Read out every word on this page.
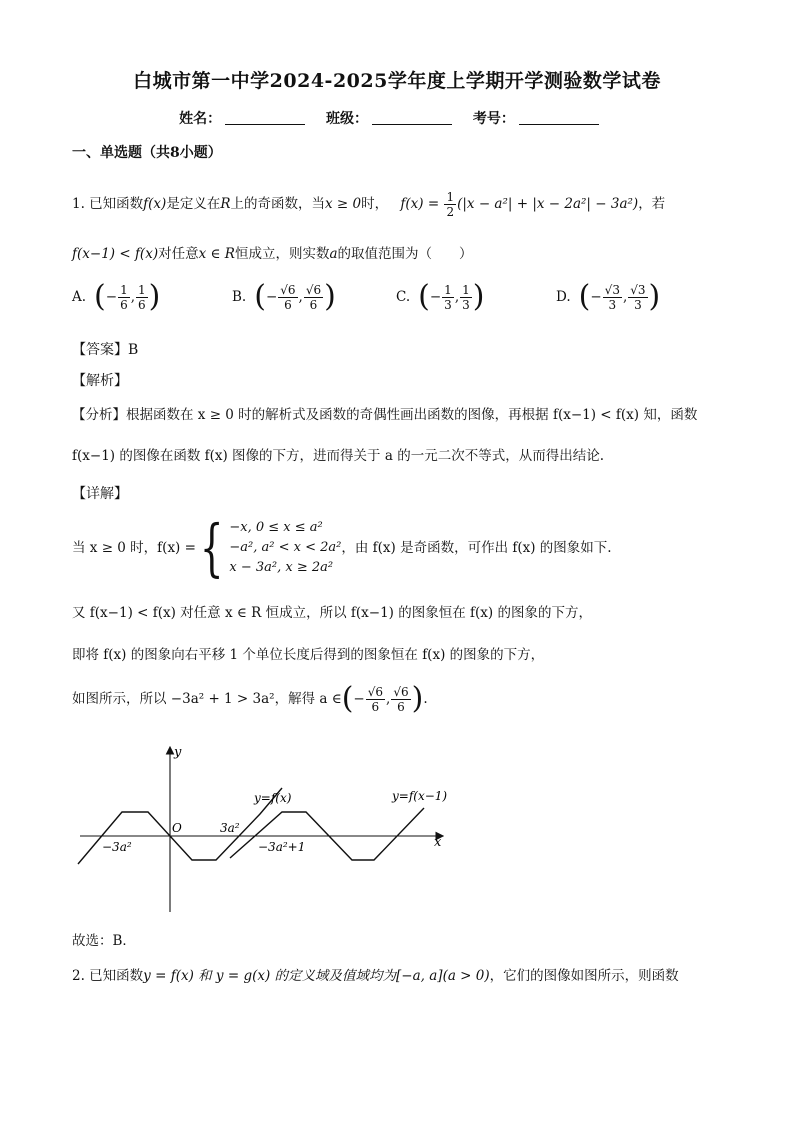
白城市第一中学2024-2025学年度上学期开学测验数学试卷
姓名：	班级：	考号：
一、单选题（共8小题）
1. 已知函数f(x)是定义在R上的奇函数，当x ≥ 0时， $f(x) = \frac{1}{2} (|x - a^2| + |x - 2a^2| - 3a^2)$，若
f(x−1) < f(x)对任意x ∈ R恒成立，则实数a的取值范围为（　　）
A. ( − $\frac{1}{6}$ , $\frac{1}{6}$ )	B. ( − $\frac{√6}{6}$ , $\frac{√6}{6}$ )	C. ( − $\frac{1}{3}$ , $\frac{1}{3}$ )	D. ( − $\frac{√3}{3}$ , $\frac{√3}{3}$ )
【答案】B
【解析】
【分析】根据函数在 x ≥ 0 时的解析式及函数的奇偶性画出函数的图像，再根据 f(x−1) < f(x) 知，函数
f(x−1) 的图像在函数 f(x) 图像的下方，进而得关于 a 的一元二次不等式，从而得出结论.
【详解】
当 x ≥ 0 时，f(x) = { −x, 0 ≤ x ≤ a²
−a², a² < x < 2a²
x − 3a², x ≥ 2a²
，由 f(x) 是奇函数，可作出 f(x) 的图象如下.
又 f(x−1) < f(x) 对任意 x ∈ R 恒成立，所以 f(x−1) 的图象恒在 f(x) 的图象的下方，
即将 f(x) 的图象向右平移 1 个单位长度后得到的图象恒在 f(x) 的图象的下方，
如图所示，所以 −3a² + 1 > 3a²，解得 a ∈ ( − $\frac{√6}{6}$ , $\frac{√6}{6}$ ) .
y
x
O
y=f(x)	y=f(x−1)
−3a²
3a²
−3a²+1
故选：B．
2. 已知函数y = f(x) 和 y = g(x) 的定义域及值域均为[−a, a](a > 0)，它们的图像如图所示，则函数
